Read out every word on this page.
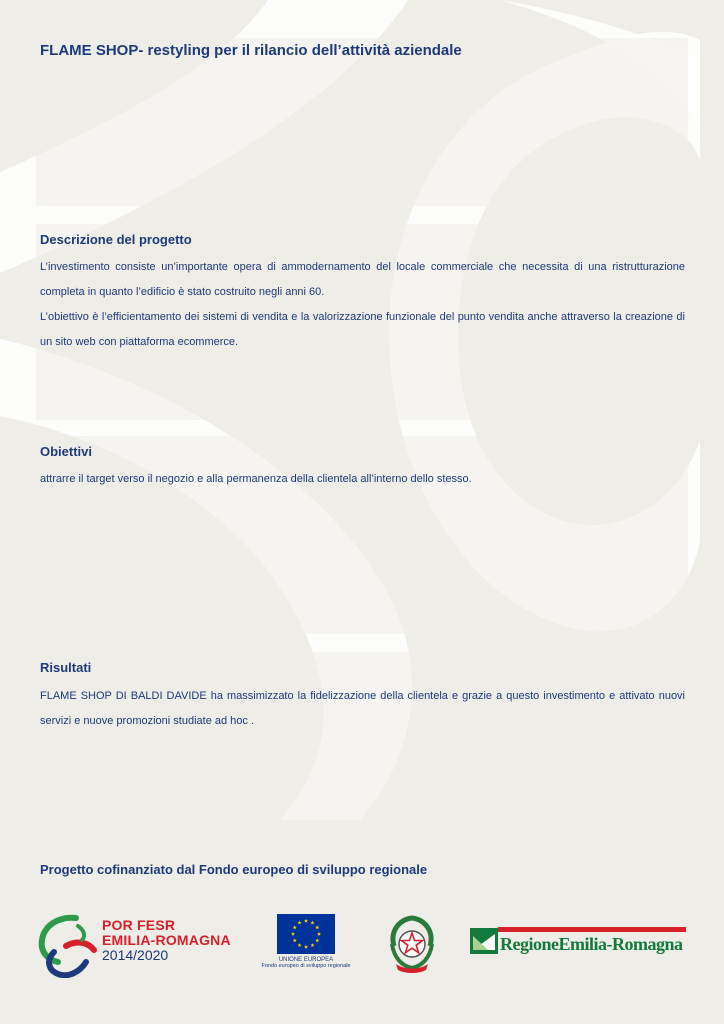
FLAME SHOP- restyling per il rilancio dell’attività aziendale
Descrizione del progetto

L’investimento consiste un’importante opera di ammodernamento del locale commerciale che necessita di una ristrutturazione completa in quanto l’edificio è stato costruito negli anni 60.

L’obiettivo è l’efficientamento dei sistemi di vendita e la valorizzazione funzionale del punto vendita anche attraverso la creazione di un sito web con piattaforma ecommerce.

Obiettivi

attrarre il target verso il negozio e alla permanenza della clientela all’interno dello stesso.

Risultati

FLAME SHOP DI BALDI DAVIDE ha massimizzato la fidelizzazione della clientela e grazie a questo investimento e attivato nuovi servizi e nuove promozioni studiate ad hoc .

Progetto cofinanziato dal Fondo europeo di sviluppo regionale
POR FESR
EMILIA-ROMAGNA
2014/2020	UNIONE EUROPEA
Fondo europeo di sviluppo regionale
RegioneEmilia-Romagna
